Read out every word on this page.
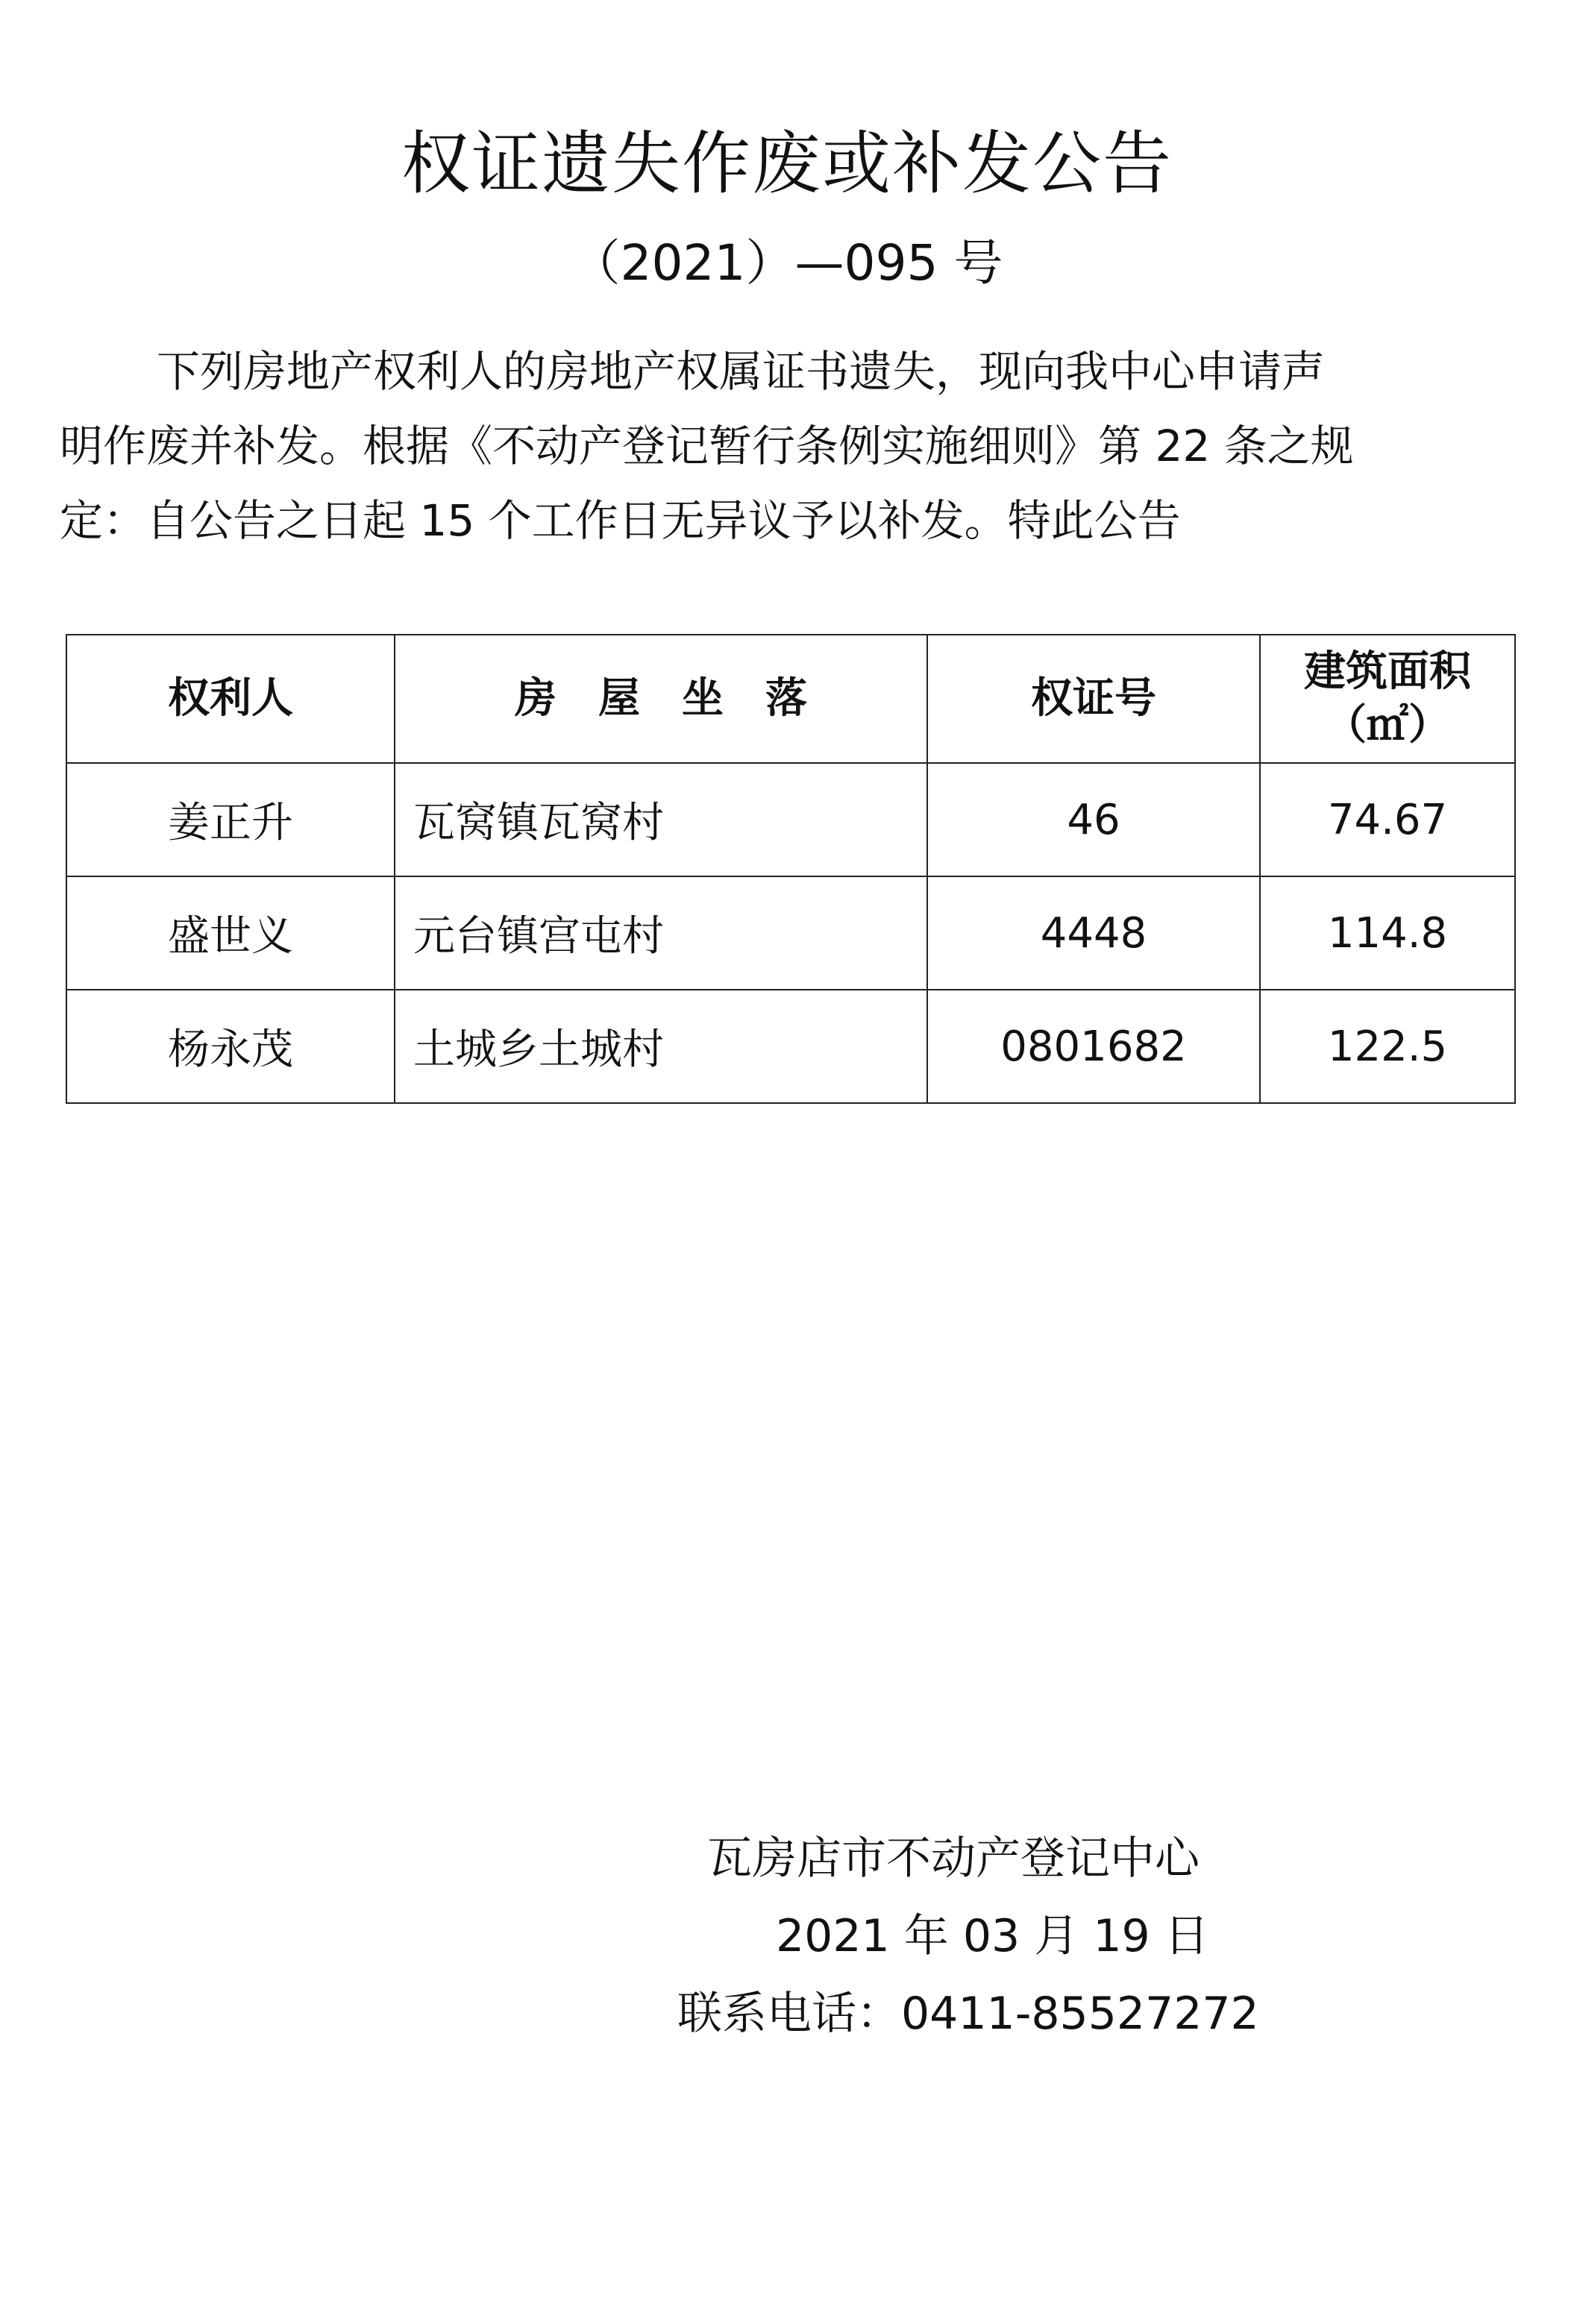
权证遗失作废或补发公告
（2021）—095 号
下列房地产权利人的房地产权属证书遗失，现向我中心申请声
明作废并补发。根据《不动产登记暂行条例实施细则》第 22 条之规
定：自公告之日起 15 个工作日无异议予以补发。特此公告
权利人	房　屋　坐　落	权证号	建筑面积
（㎡）

姜正升	瓦窝镇瓦窝村	46	74.67
盛世义	元台镇宫屯村	4448	114.8
杨永茂	土城乡土城村	0801682	122.5
瓦房店市不动产登记中心
2021 年 03 月 19 日
联系电话：0411-85527272
